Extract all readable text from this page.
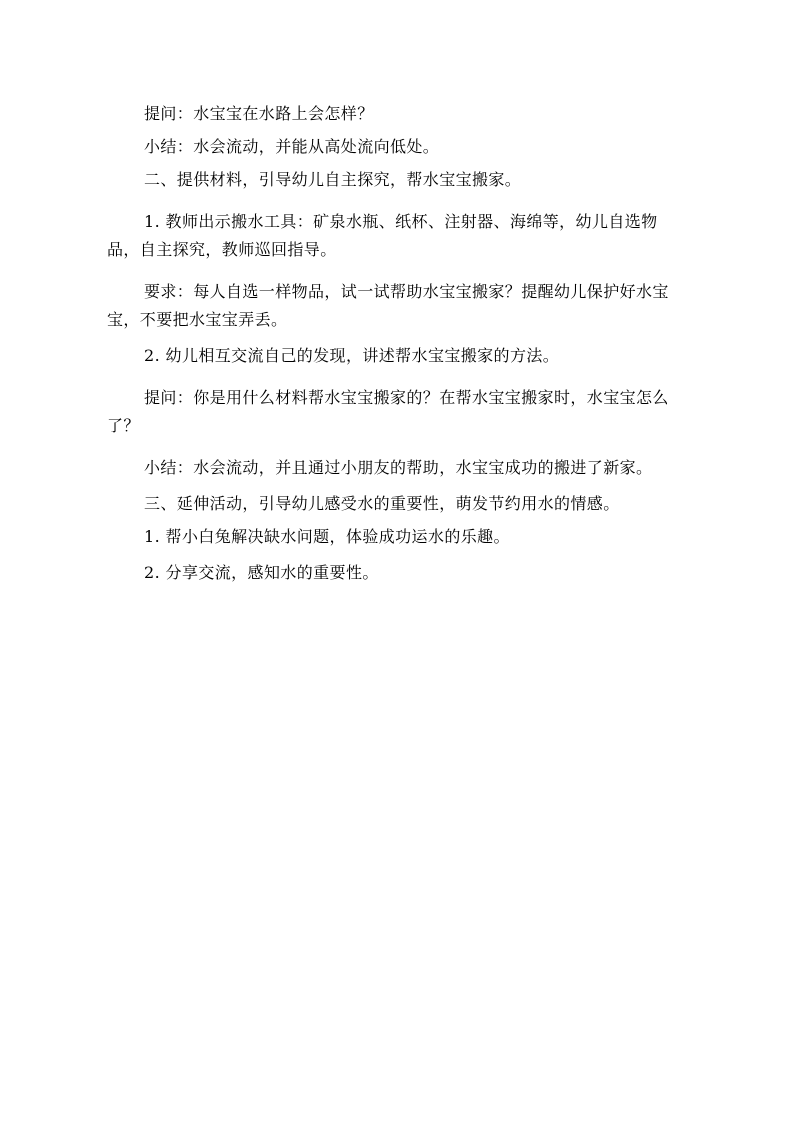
提问：水宝宝在水路上会怎样？

小结：水会流动，并能从高处流向低处。

二、提供材料，引导幼儿自主探究，帮水宝宝搬家。

1. 教师出示搬水工具：矿泉水瓶、纸杯、注射器、海绵等，幼儿自选物品，自主探究，教师巡回指导。

要求：每人自选一样物品，试一试帮助水宝宝搬家？提醒幼儿保护好水宝宝，不要把水宝宝弄丢。

2. 幼儿相互交流自己的发现，讲述帮水宝宝搬家的方法。

提问：你是用什么材料帮水宝宝搬家的？在帮水宝宝搬家时，水宝宝怎么了？

小结：水会流动，并且通过小朋友的帮助，水宝宝成功的搬进了新家。

三、延伸活动，引导幼儿感受水的重要性，萌发节约用水的情感。

1. 帮小白兔解决缺水问题，体验成功运水的乐趣。

2. 分享交流，感知水的重要性。
